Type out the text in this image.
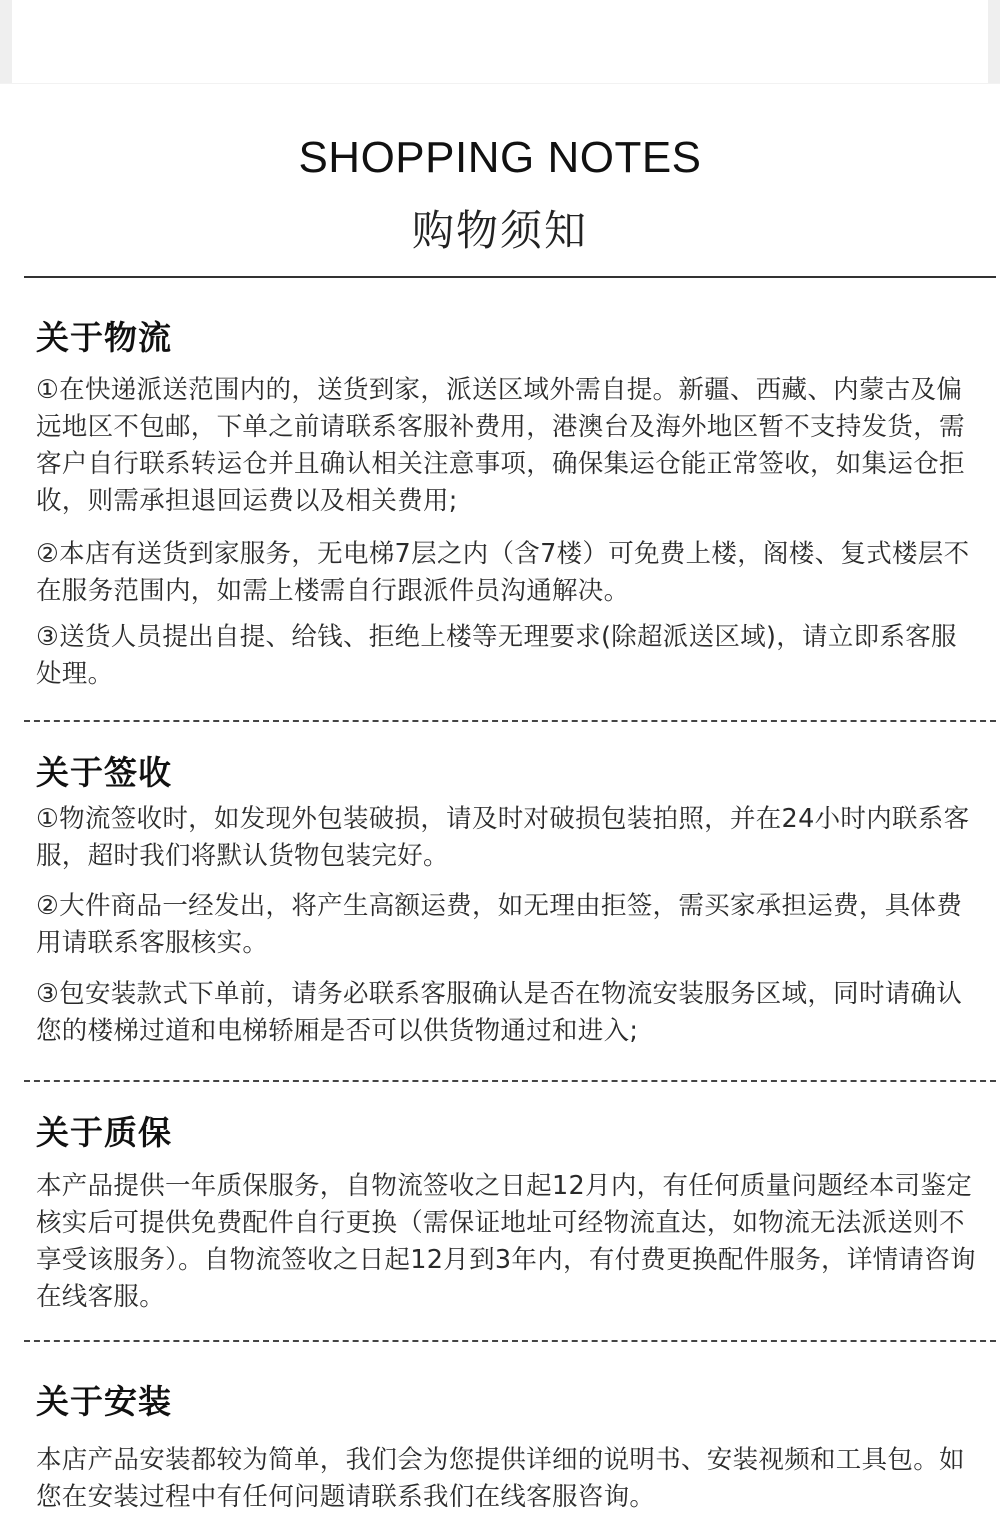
SHOPPING NOTES
购物须知
关于物流
①在快递派送范围内的，送货到家，派送区域外需自提。新疆、西藏、内蒙古及偏远地区不包邮，下单之前请联系客服补费用，港澳台及海外地区暂不支持发货，需客户自行联系转运仓并且确认相关注意事项，确保集运仓能正常签收，如集运仓拒收，则需承担退回运费以及相关费用;
②本店有送货到家服务，无电梯7层之内（含7楼）可免费上楼，阁楼、复式楼层不在服务范围内，如需上楼需自行跟派件员沟通解决。
③送货人员提出自提、给钱、拒绝上楼等无理要求(除超派送区域)，请立即系客服处理。
关于签收
①物流签收时，如发现外包装破损，请及时对破损包装拍照，并在24小时内联系客服，超时我们将默认货物包装完好。
②大件商品一经发出，将产生高额运费，如无理由拒签，需买家承担运费，具体费用请联系客服核实。
③包安装款式下单前，请务必联系客服确认是否在物流安装服务区域，同时请确认您的楼梯过道和电梯轿厢是否可以供货物通过和进入;
关于质保
本产品提供一年质保服务，自物流签收之日起12月内，有任何质量问题经本司鉴定核实后可提供免费配件自行更换（需保证地址可经物流直达，如物流无法派送则不享受该服务）。自物流签收之日起12月到3年内，有付费更换配件服务，详情请咨询在线客服。
关于安装
本店产品安装都较为简单，我们会为您提供详细的说明书、安装视频和工具包。如您在安装过程中有任何问题请联系我们在线客服咨询。
